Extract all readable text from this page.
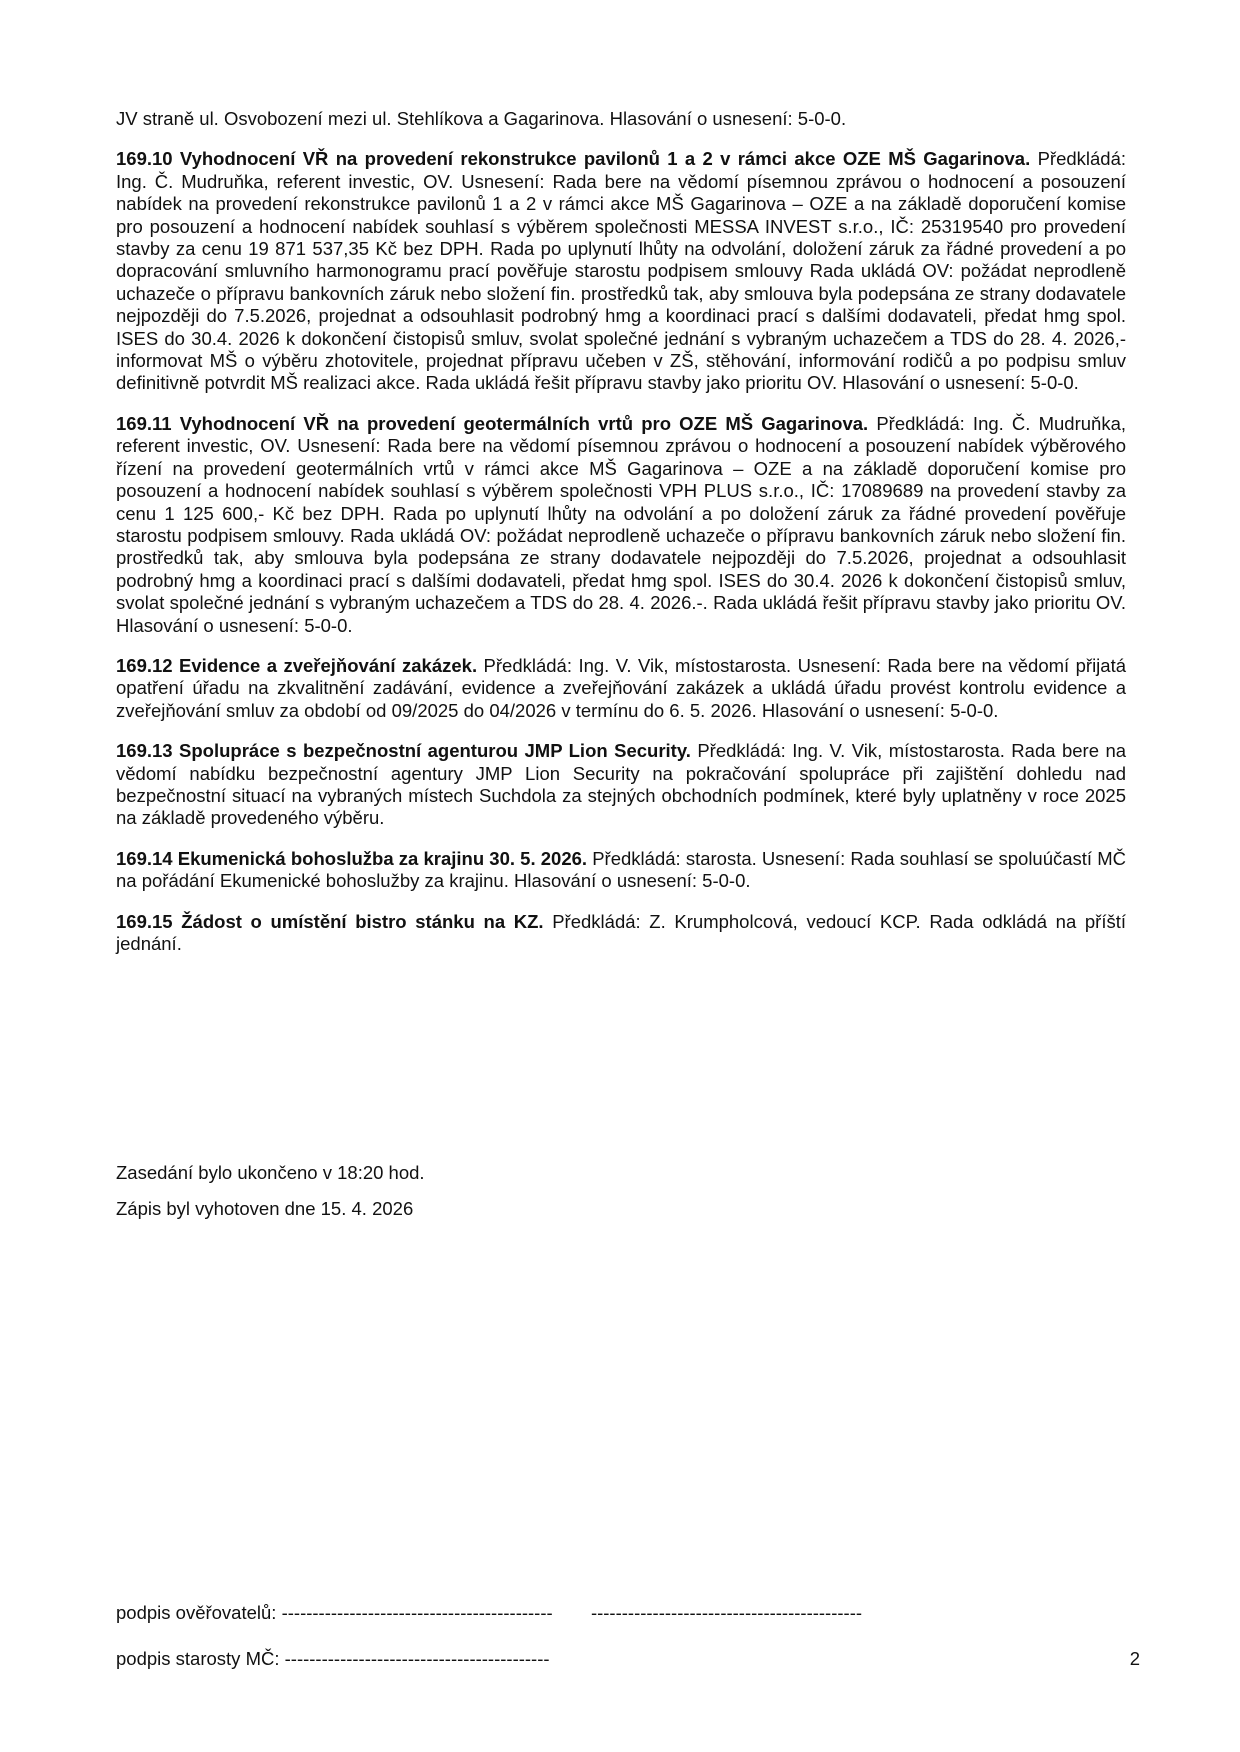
JV straně ul. Osvobození mezi ul. Stehlíkova a Gagarinova. Hlasování o usnesení: 5-0-0.

169.10 Vyhodnocení VŘ na provedení rekonstrukce pavilonů 1 a 2 v rámci akce OZE MŠ Gagarinova. Předkládá: Ing. Č. Mudruňka, referent investic, OV. Usnesení: Rada bere na vědomí písemnou zprávou o hodnocení a posouzení nabídek na provedení rekonstrukce pavilonů 1 a 2 v rámci akce MŠ Gagarinova – OZE a na základě doporučení komise pro posouzení a hodnocení nabídek souhlasí s výběrem společnosti MESSA INVEST s.r.o., IČ: 25319540 pro provedení stavby za cenu 19 871 537,35 Kč bez DPH. Rada po uplynutí lhůty na odvolání, doložení záruk za řádné provedení a po dopracování smluvního harmonogramu prací pověřuje starostu podpisem smlouvy Rada ukládá OV: požádat neprodleně uchazeče o přípravu bankovních záruk nebo složení fin. prostředků tak, aby smlouva byla podepsána ze strany dodavatele nejpozději do 7.5.2026, projednat a odsouhlasit podrobný hmg a koordinaci prací s dalšími dodavateli, předat hmg spol. ISES do 30.4. 2026 k dokončení čistopisů smluv, svolat společné jednání s vybraným uchazečem a TDS do 28. 4. 2026,-informovat MŠ o výběru zhotovitele, projednat přípravu učeben v ZŠ, stěhování, informování rodičů a po podpisu smluv definitivně potvrdit MŠ realizaci akce. Rada ukládá řešit přípravu stavby jako prioritu OV. Hlasování o usnesení: 5-0-0.

169.11 Vyhodnocení VŘ na provedení geotermálních vrtů pro OZE MŠ Gagarinova. Předkládá: Ing. Č. Mudruňka, referent investic, OV. Usnesení: Rada bere na vědomí písemnou zprávou o hodnocení a posouzení nabídek výběrového řízení na provedení geotermálních vrtů v rámci akce MŠ Gagarinova – OZE a na základě doporučení komise pro posouzení a hodnocení nabídek souhlasí s výběrem společnosti VPH PLUS s.r.o., IČ: 17089689 na provedení stavby za cenu 1 125 600,- Kč bez DPH. Rada po uplynutí lhůty na odvolání a po doložení záruk za řádné provedení pověřuje starostu podpisem smlouvy. Rada ukládá OV: požádat neprodleně uchazeče o přípravu bankovních záruk nebo složení fin. prostředků tak, aby smlouva byla podepsána ze strany dodavatele nejpozději do 7.5.2026, projednat a odsouhlasit podrobný hmg a koordinaci prací s dalšími dodavateli, předat hmg spol. ISES do 30.4. 2026 k dokončení čistopisů smluv, svolat společné jednání s vybraným uchazečem a TDS do 28. 4. 2026.-. Rada ukládá řešit přípravu stavby jako prioritu OV. Hlasování o usnesení: 5-0-0.

169.12 Evidence a zveřejňování zakázek. Předkládá: Ing. V. Vik, místostarosta. Usnesení: Rada bere na vědomí přijatá opatření úřadu na zkvalitnění zadávání, evidence a zveřejňování zakázek a ukládá úřadu provést kontrolu evidence a zveřejňování smluv za období od 09/2025 do 04/2026 v termínu do 6. 5. 2026. Hlasování o usnesení: 5-0-0.

169.13 Spolupráce s bezpečnostní agenturou JMP Lion Security. Předkládá: Ing. V. Vik, místostarosta. Rada bere na vědomí nabídku bezpečnostní agentury JMP Lion Security na pokračování spolupráce při zajištění dohledu nad bezpečnostní situací na vybraných místech Suchdola za stejných obchodních podmínek, které byly uplatněny v roce 2025 na základě provedeného výběru.

169.14 Ekumenická bohoslužba za krajinu 30. 5. 2026. Předkládá: starosta. Usnesení: Rada souhlasí se spoluúčastí MČ na pořádání Ekumenické bohoslužby za krajinu. Hlasování o usnesení: 5-0-0.

169.15 Žádost o umístění bistro stánku na KZ. Předkládá: Z. Krumpholcová, vedoucí KCP. Rada odkládá na příští jednání.

Zasedání bylo ukončeno v 18:20 hod.

Zápis byl vyhotoven dne 15. 4. 2026

podpis ověřovatelů: -------------------------------------------- --------------------------------------------
podpis starosty MČ: -------------------------------------------	2
